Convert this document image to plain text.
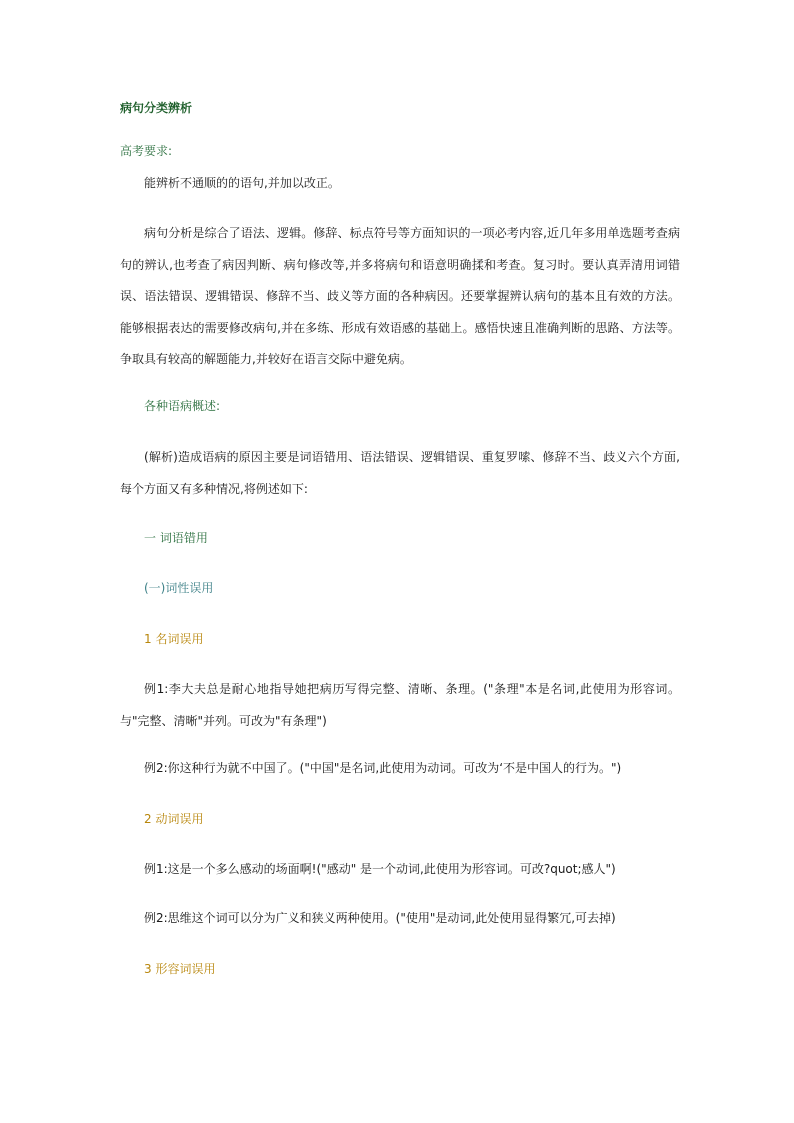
病句分类辨析
高考要求:
能辨析不通顺的的语句,并加以改正。
病句分析是综合了语法、逻辑。修辞、标点符号等方面知识的一项必考内容,近几年多用单选题考查病句的辨认,也考查了病因判断、病句修改等,并多将病句和语意明确揉和考查。复习时。要认真弄清用词错误、语法错误、逻辑错误、修辞不当、歧义等方面的各种病因。还要掌握辨认病句的基本且有效的方法。能够根据表达的需要修改病句,并在多练、形成有效语感的基础上。感悟快速且准确判断的思路、方法等。争取具有较高的解题能力,并较好在语言交际中避免病。
各种语病概述:
(解析)造成语病的原因主要是词语错用、语法错误、逻辑错误、重复罗嗦、修辞不当、歧义六个方面,每个方面又有多种情况,将例述如下:
一 词语错用
(一)词性误用
1 名词误用
例1:李大夫总是耐心地指导她把病历写得完整、清晰、条理。("条理"本是名词,此使用为形容词。与"完整、清晰"并列。可改为"有条理")
例2:你这种行为就不中国了。("中国"是名词,此使用为动词。可改为‘不是中国人的行为。")
2 动词误用
例1:这是一个多么感动的场面啊!("感动" 是一个动词,此使用为形容词。可改?quot;感人")
例2:思维这个词可以分为广义和狭义两种使用。("使用"是动词,此处使用显得繁冗,可去掉)
3 形容词误用
